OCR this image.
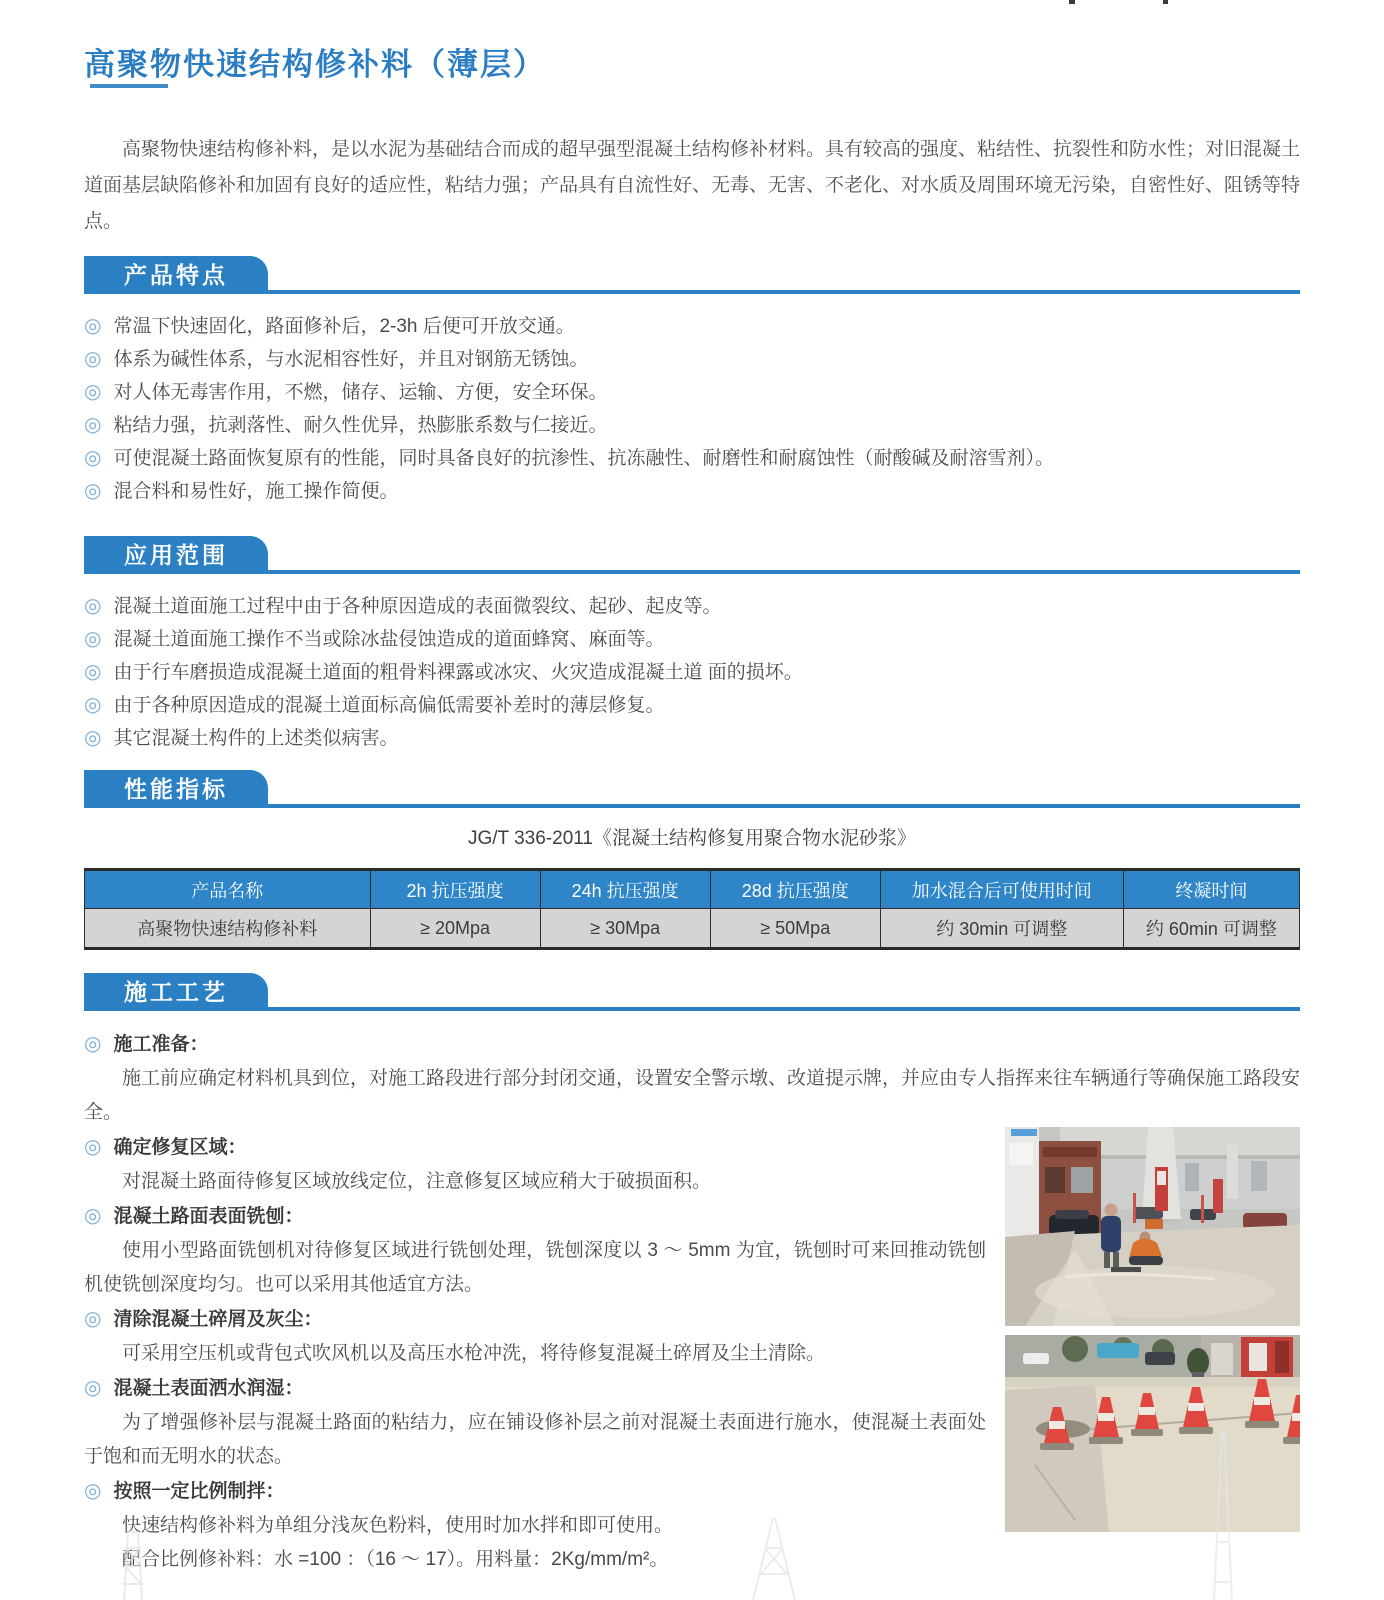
高聚物快速结构修补料（薄层）

高聚物快速结构修补料，是以水泥为基础结合而成的超早强型混凝土结构修补材料。具有较高的强度、粘结性、抗裂性和防水性；对旧混凝土道面基层缺陷修补和加固有良好的适应性，粘结力强；产品具有自流性好、无毒、无害、不老化、对水质及周围环境无污染，自密性好、阻锈等特点。

产品特点
◎ 常温下快速固化，路面修补后，2-3h 后便可开放交通。
◎ 体系为碱性体系，与水泥相容性好，并且对钢筋无锈蚀。
◎ 对人体无毒害作用，不燃，储存、运输、方便，安全环保。
◎ 粘结力强，抗剥落性、耐久性优异，热膨胀系数与仁接近。
◎ 可使混凝土路面恢复原有的性能，同时具备良好的抗渗性、抗冻融性、耐磨性和耐腐蚀性（耐酸碱及耐溶雪剂）。
◎ 混合料和易性好，施工操作简便。
应用范围
◎ 混凝土道面施工过程中由于各种原因造成的表面微裂纹、起砂、起皮等。
◎ 混凝土道面施工操作不当或除冰盐侵蚀造成的道面蜂窝、麻面等。
◎ 由于行车磨损造成混凝土道面的粗骨料裸露或冰灾、火灾造成混凝土道 面的损坏。
◎ 由于各种原因造成的混凝土道面标高偏低需要补差时的薄层修复。
◎ 其它混凝土构件的上述类似病害。
性能指标

JG/T 336-2011《混凝土结构修复用聚合物水泥砂浆》

产品名称	2h 抗压强度	24h 抗压强度	28d 抗压强度	加水混合后可使用时间	终凝时间
高聚物快速结构修补料	≥ 20Mpa	≥ 30Mpa	≥ 50Mpa	约 30min 可调整	约 60min 可调整
施工工艺
◎ 施工准备：

施工前应确定材料机具到位，对施工路段进行部分封闭交通，设置安全警示墩、改道提示牌，并应由专人指挥来往车辆通行等确保施工路段安全。

◎ 确定修复区域：

对混凝土路面待修复区域放线定位，注意修复区域应稍大于破损面积。

◎ 混凝土路面表面铣刨：

使用小型路面铣刨机对待修复区域进行铣刨处理，铣刨深度以 3 ～ 5mm 为宜，铣刨时可来回推动铣刨机使铣刨深度均匀。也可以采用其他适宜方法。

◎ 清除混凝土碎屑及灰尘：

可采用空压机或背包式吹风机以及高压水枪冲洗，将待修复混凝土碎屑及尘土清除。

◎ 混凝土表面洒水润湿：

为了增强修补层与混凝土路面的粘结力，应在铺设修补层之前对混凝土表面进行施水，使混凝土表面处于饱和而无明水的状态。

◎ 按照一定比例制拌：

快速结构修补料为单组分浅灰色粉料，使用时加水拌和即可使用。

配合比例修补料：水 =100 ：（16 ～ 17）。用料量：2Kg/mm/m²。
